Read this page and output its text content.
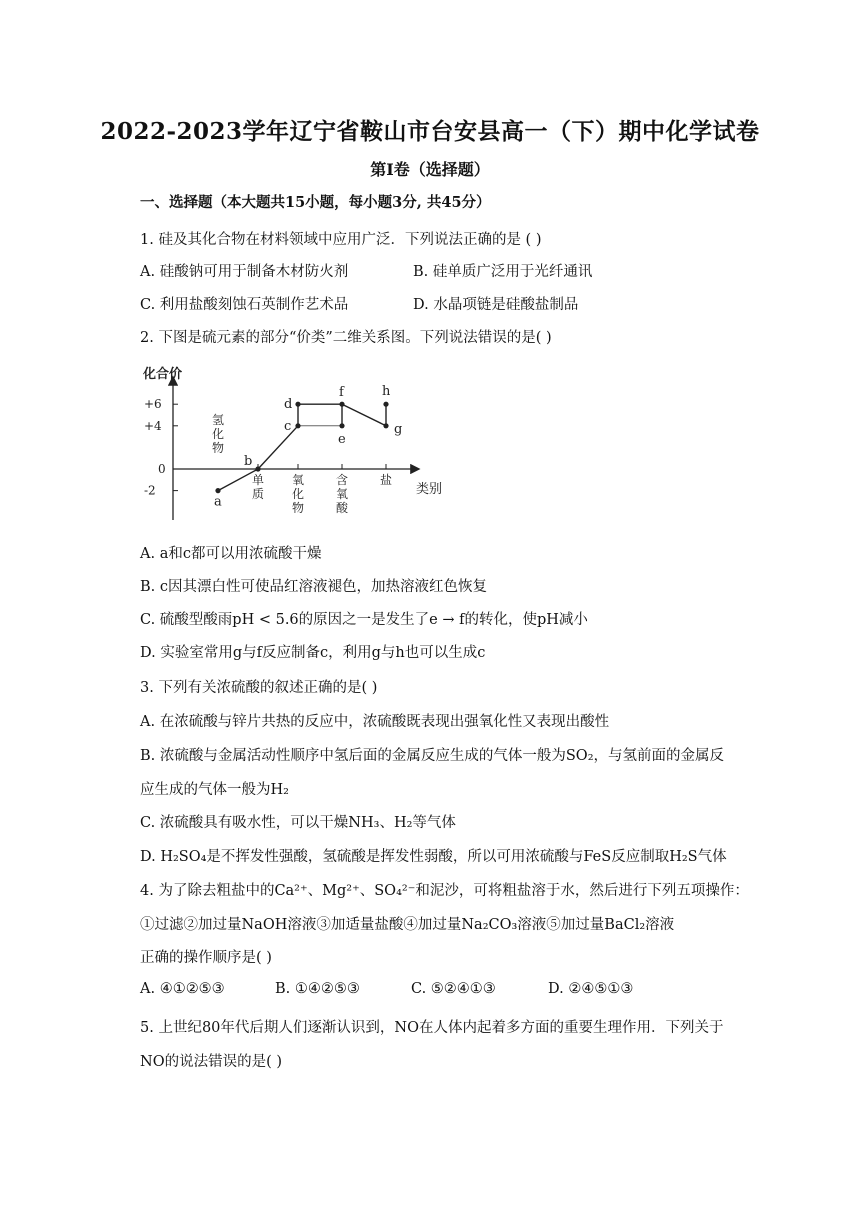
2022-2023学年辽宁省鞍山市台安县高一（下）期中化学试卷
第I卷（选择题）
一、选择题（本大题共15小题，每小题3分, 共45分）
1. 硅及其化合物在材料领域中应用广泛．下列说法正确的是 ( )
A. 硅酸钠可用于制备木材防火剂	B. 硅单质广泛用于光纤通讯
C. 利用盐酸刻蚀石英制作艺术品	D. 水晶项链是硅酸盐制品
2. 下图是硫元素的部分“价类”二维关系图。下列说法错误的是( )
化合价
类别
+6
+4
0
-2
氢
化
物
单
质
氧
化
物
含
氧
酸
盐
a
b
c
d
e
f
g
h
A. a和c都可以用浓硫酸干燥
B. c因其漂白性可使品红溶液褪色，加热溶液红色恢复
C. 硫酸型酸雨pH < 5.6的原因之一是发生了e → f的转化，使pH减小
D. 实验室常用g与f反应制备c，利用g与h也可以生成c
3. 下列有关浓硫酸的叙述正确的是( )
A. 在浓硫酸与锌片共热的反应中，浓硫酸既表现出强氧化性又表现出酸性
B. 浓硫酸与金属活动性顺序中氢后面的金属反应生成的气体一般为SO₂，与氢前面的金属反
应生成的气体一般为H₂
C. 浓硫酸具有吸水性，可以干燥NH₃、H₂等气体
D. H₂SO₄是不挥发性强酸，氢硫酸是挥发性弱酸，所以可用浓硫酸与FeS反应制取H₂S气体
4. 为了除去粗盐中的Ca²⁺、Mg²⁺、SO₄²⁻和泥沙，可将粗盐溶于水，然后进行下列五项操作：
①过滤②加过量NaOH溶液③加适量盐酸④加过量Na₂CO₃溶液⑤加过量BaCl₂溶液
正确的操作顺序是( )
A. ④①②⑤③	B. ①④②⑤③	C. ⑤②④①③	D. ②④⑤①③
5. 上世纪80年代后期人们逐渐认识到，NO在人体内起着多方面的重要生理作用．下列关于
NO的说法错误的是( )
